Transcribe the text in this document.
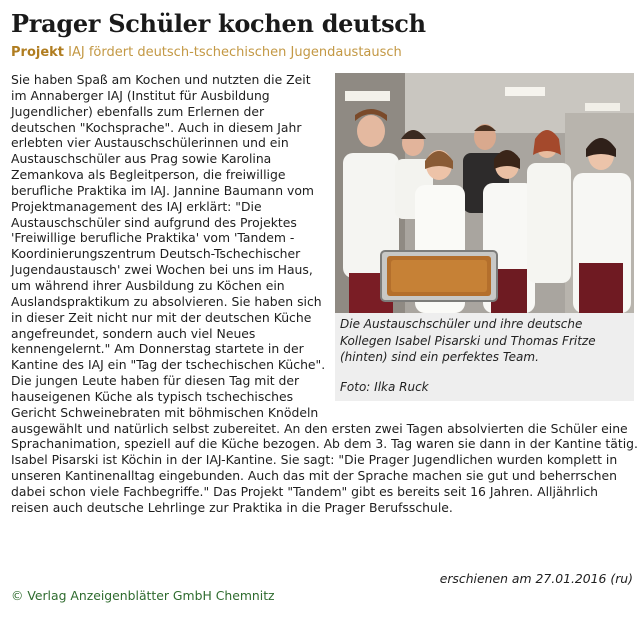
Prager Schüler kochen deutsch
Projekt IAJ fördert deutsch-tschechischen Jugendaustausch

Sie haben Spaß am Kochen und nutzten die Zeit im Annaberger IAJ (Institut für Ausbildung Jugendlicher) ebenfalls zum Erlernen der deutschen "Kochsprache". Auch in diesem Jahr erlebten vier Austauschschülerinnen und ein Austauschschüler aus Prag sowie Karolina Zemankova als Begleitperson, die freiwillige berufliche Praktika im IAJ. Jannine Baumann vom Projektmanagement des IAJ erklärt: "Die Austauschschüler sind aufgrund des Projektes 'Freiwillige berufliche Praktika' vom 'Tandem - Koordinierungszentrum Deutsch-Tschechischer Jugendaustausch' zwei Wochen bei uns im Haus, um während ihrer Ausbildung zu Köchen ein Auslandspraktikum zu absolvieren. Sie haben sich in dieser Zeit nicht nur mit der deutschen Küche angefreundet, sondern auch viel Neues kennengelernt." Am Donnerstag startete in der Kantine des IAJ ein "Tag der tschechischen Küche". Die jungen Leute haben für diesen Tag mit der hauseigenen Küche als typisch tschechisches Gericht Schweinebraten mit böhmischen Knödeln ausgewählt und natürlich selbst zubereitet. An den ersten zwei Tagen absolvierten die Schüler eine Sprachanimation, speziell auf die Küche bezogen. Ab dem 3. Tag waren sie dann in der Kantine tätig. Isabel Pisarski ist Köchin in der IAJ-Kantine. Sie sagt: "Die Prager Jugendlichen wurden komplett in unseren Kantinenalltag eingebunden. Auch das mit der Sprache machen sie gut und beherrschen dabei schon viele Fachbegriffe." Das Projekt "Tandem" gibt es bereits seit 16 Jahren. Alljährlich reisen auch deutsche Lehrlinge zur Praktika in die Prager Berufsschule.

Die Austauschschüler und ihre deutsche Kollegen Isabel Pisarski und Thomas Fritze (hinten) sind ein perfektes Team.

Foto: Ilka Ruck
erschienen am 27.01.2016 (ru)
© Verlag Anzeigenblätter GmbH Chemnitz
